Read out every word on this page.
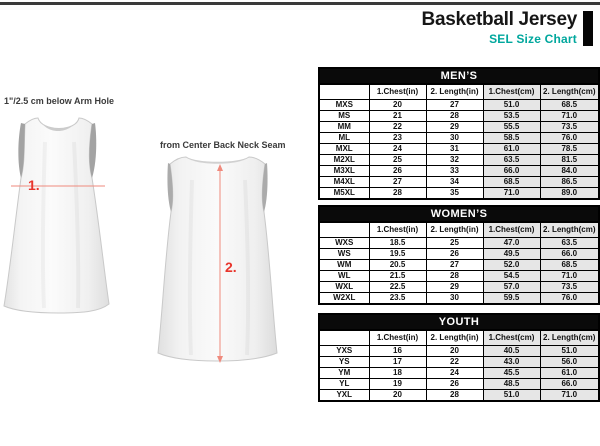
Basketball Jersey
SEL Size Chart
1"/2.5 cm below Arm Hole
from Center Back Neck Seam
1.
2.
MEN’S				
	1.Chest(in)	2. Length(in)	1.Chest(cm)	2. Length(cm)
MXS	20	27	51.0	68.5
MS	21	28	53.5	71.0
MM	22	29	55.5	73.5
ML	23	30	58.5	76.0
MXL	24	31	61.0	78.5
M2XL	25	32	63.5	81.5
M3XL	26	33	66.0	84.0
M4XL	27	34	68.5	86.5
M5XL	28	35	71.0	89.0
WOMEN’S				
	1.Chest(in)	2. Length(in)	1.Chest(cm)	2. Length(cm)
WXS	18.5	25	47.0	63.5
WS	19.5	26	49.5	66.0
WM	20.5	27	52.0	68.5
WL	21.5	28	54.5	71.0
WXL	22.5	29	57.0	73.5
W2XL	23.5	30	59.5	76.0
YOUTH				
	1.Chest(in)	2. Length(in)	1.Chest(cm)	2. Length(cm)
YXS	16	20	40.5	51.0
YS	17	22	43.0	56.0
YM	18	24	45.5	61.0
YL	19	26	48.5	66.0
YXL	20	28	51.0	71.0
